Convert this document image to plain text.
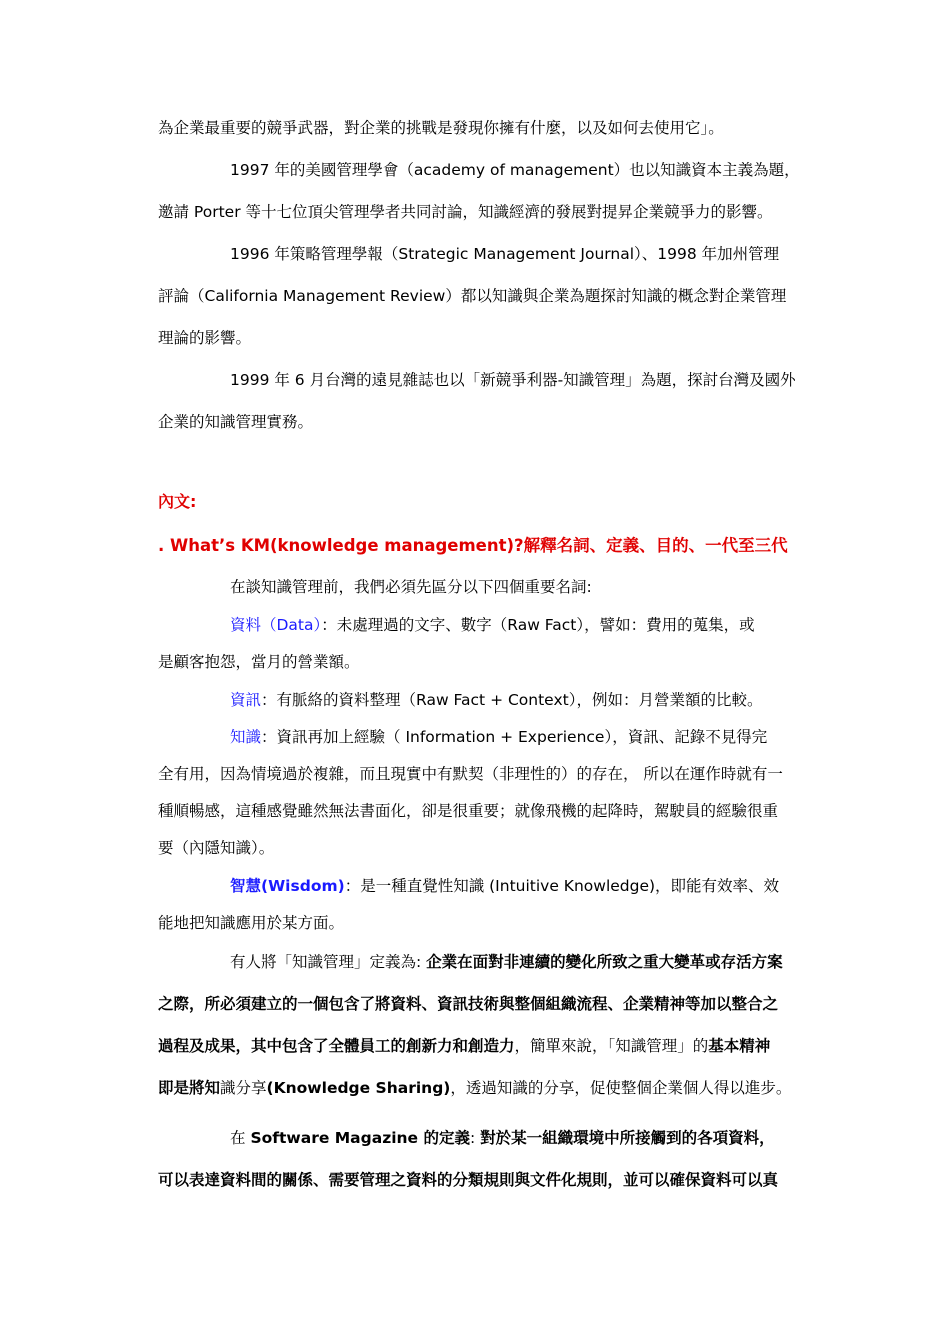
為企業最重要的競爭武器，對企業的挑戰是發現你擁有什麼，以及如何去使用它」。
1997 年的美國管理學會（academy of management）也以知識資本主義為題，
邀請 Porter 等十七位頂尖管理學者共同討論，知識經濟的發展對提昇企業競爭力的影響。
1996 年策略管理學報（Strategic Management Journal）、1998 年加州管理
評論（California Management Review）都以知識與企業為題探討知識的概念對企業管理
理論的影響。
1999 年 6 月台灣的遠見雜誌也以「新競爭利器-知識管理」為題，探討台灣及國外
企業的知識管理實務。
內文:
. What’s KM(knowledge management)?解釋名詞、定義、目的、一代至三代
在談知識管理前，我們必須先區分以下四個重要名詞:
資料（Data）：未處理過的文字、數字（Raw Fact），譬如：費用的蒐集，或
是顧客抱怨，當月的營業額。
資訊：有脈絡的資料整理（Raw Fact + Context），例如：月營業額的比較。
知識：資訊再加上經驗（ Information + Experience），資訊、記錄不見得完
全有用，因為情境過於複雜，而且現實中有默契（非理性的）的存在， 所以在運作時就有一
種順暢感，這種感覺雖然無法書面化，卻是很重要；就像飛機的起降時，駕駛員的經驗很重
要（內隱知識）。
智慧(Wisdom)：是一種直覺性知識 (Intuitive Knowledge)，即能有效率、效
能地把知識應用於某方面。
有人將「知識管理」定義為: 企業在面對非連續的變化所致之重大變革或存活方案
之際，所必須建立的一個包含了將資料、資訊技術與整個組織流程、企業精神等加以整合之
過程及成果，其中包含了全體員工的創新力和創造力，簡單來說，「知識管理」的基本精神
即是將知識分享(Knowledge Sharing)，透過知識的分享，促使整個企業個人得以進步。
在 Software Magazine 的定義: 對於某一組織環境中所接觸到的各項資料，
可以表達資料間的關係、需要管理之資料的分類規則與文件化規則，並可以確保資料可以真
